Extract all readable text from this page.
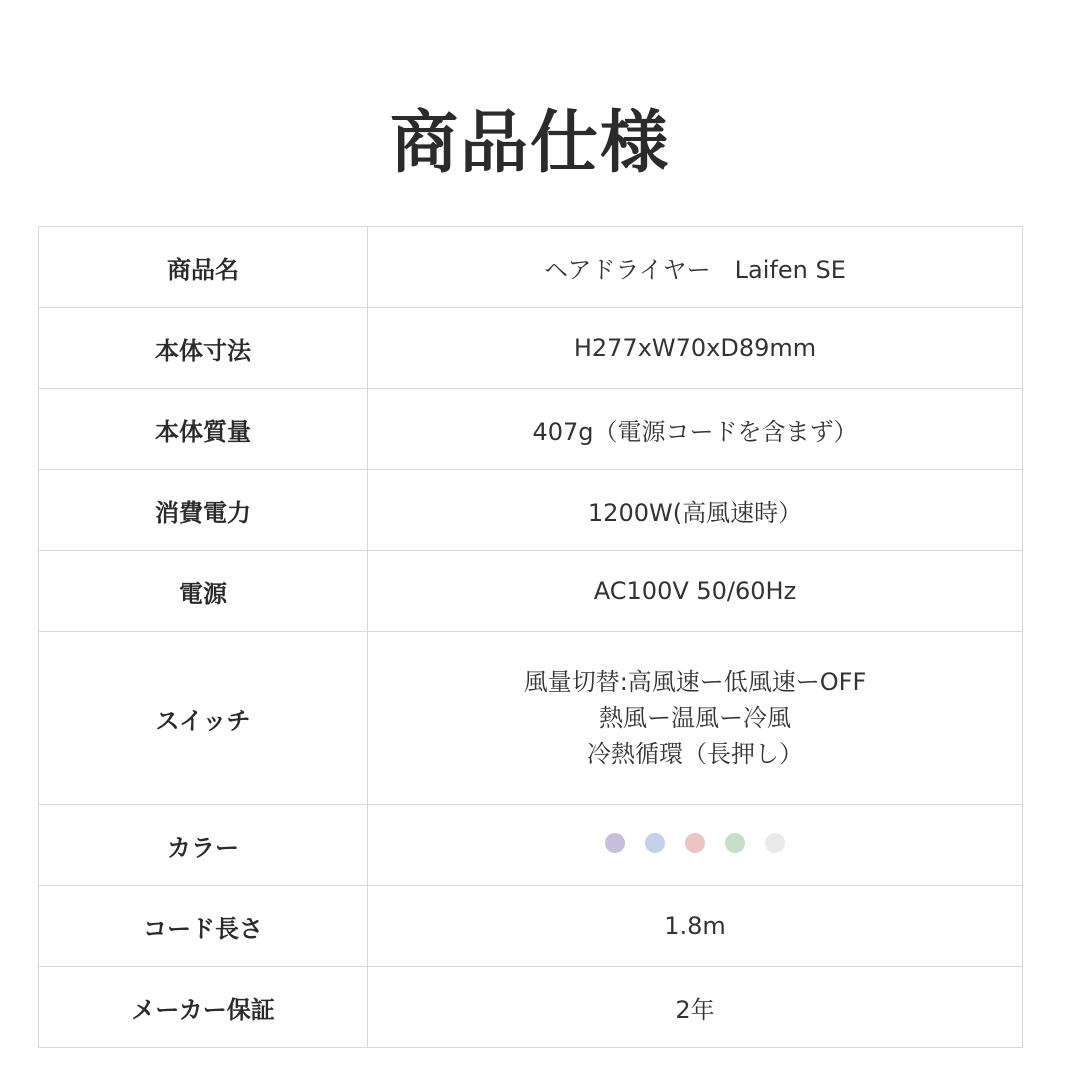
商品仕様
商品名	ヘアドライヤー　Laifen SE
本体寸法	H277xW70xD89mm
本体質量	407g（電源コードを含まず）
消費電力	1200W(高風速時）
電源	AC100V 50/60Hz
スイッチ	風量切替:高風速ー低風速ーOFF
熱風ー温風ー冷風
冷熱循環（長押し）

カラー	

コード長さ	1.8m
メーカー保証	2年
